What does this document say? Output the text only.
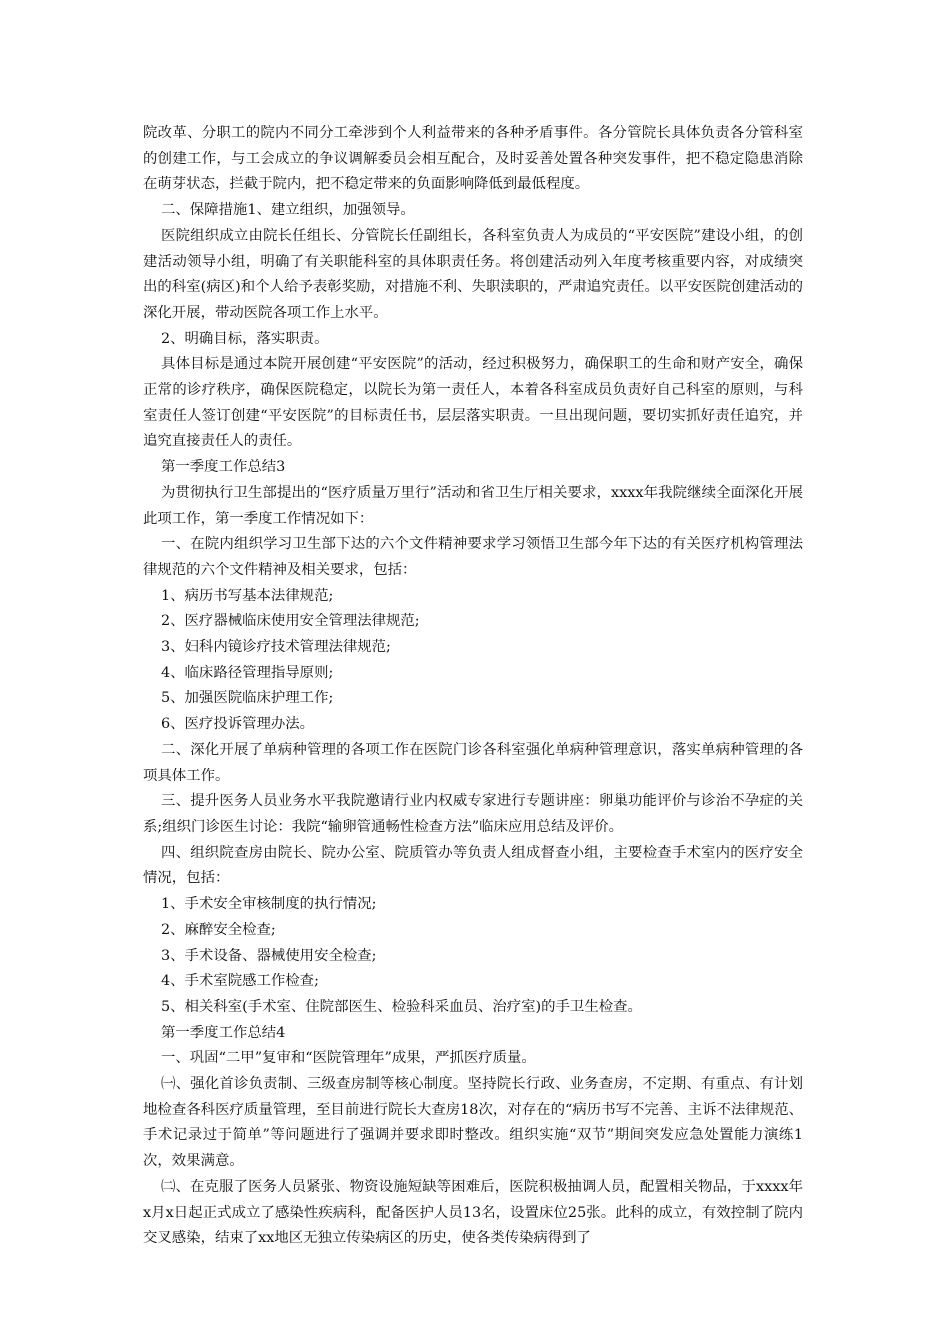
院改革、分职工的院内不同分工牵涉到个人利益带来的各种矛盾事件。各分管院长具体负责各分管科室的创建工作，与工会成立的争议调解委员会相互配合，及时妥善处置各种突发事件，把不稳定隐患消除在萌芽状态，拦截于院内，把不稳定带来的负面影响降低到最低程度。

二、保障措施1、建立组织，加强领导。

医院组织成立由院长任组长、分管院长任副组长，各科室负责人为成员的“平安医院”建设小组，的创建活动领导小组，明确了有关职能科室的具体职责任务。将创建活动列入年度考核重要内容，对成绩突出的科室(病区)和个人给予表彰奖励，对措施不利、失职渎职的，严肃追究责任。以平安医院创建活动的深化开展，带动医院各项工作上水平。

2、明确目标，落实职责。

具体目标是通过本院开展创建“平安医院”的活动，经过积极努力，确保职工的生命和财产安全，确保正常的诊疗秩序，确保医院稳定，以院长为第一责任人，本着各科室成员负责好自己科室的原则，与科室责任人签订创建“平安医院”的目标责任书，层层落实职责。一旦出现问题，要切实抓好责任追究，并追究直接责任人的责任。

第一季度工作总结3

为贯彻执行卫生部提出的“医疗质量万里行”活动和省卫生厅相关要求，xxxx年我院继续全面深化开展此项工作，第一季度工作情况如下：

一、在院内组织学习卫生部下达的六个文件精神要求学习领悟卫生部今年下达的有关医疗机构管理法律规范的六个文件精神及相关要求，包括：

1、病历书写基本法律规范;

2、医疗器械临床使用安全管理法律规范;

3、妇科内镜诊疗技术管理法律规范;

4、临床路径管理指导原则;

5、加强医院临床护理工作;

6、医疗投诉管理办法。

二、深化开展了单病种管理的各项工作在医院门诊各科室强化单病种管理意识，落实单病种管理的各项具体工作。

三、提升医务人员业务水平我院邀请行业内权威专家进行专题讲座：卵巢功能评价与诊治不孕症的关系;组织门诊医生讨论：我院“输卵管通畅性检查方法”临床应用总结及评价。

四、组织院查房由院长、院办公室、院质管办等负责人组成督查小组，主要检查手术室内的医疗安全情况，包括：

1、手术安全审核制度的执行情况;

2、麻醉安全检查;

3、手术设备、器械使用安全检查;

4、手术室院感工作检查;

5、相关科室(手术室、住院部医生、检验科采血员、治疗室)的手卫生检查。

第一季度工作总结4

一、巩固“二甲”复审和“医院管理年”成果，严抓医疗质量。

㈠、强化首诊负责制、三级查房制等核心制度。坚持院长行政、业务查房，不定期、有重点、有计划地检查各科医疗质量管理，至目前进行院长大查房18次，对存在的“病历书写不完善、主诉不法律规范、手术记录过于简单”等问题进行了强调并要求即时整改。组织实施“双节”期间突发应急处置能力演练1次，效果满意。

㈡、在克服了医务人员紧张、物资设施短缺等困难后，医院积极抽调人员，配置相关物品，于xxxx年x月x日起正式成立了感染性疾病科，配备医护人员13名，设置床位25张。此科的成立，有效控制了院内交叉感染，结束了xx地区无独立传染病区的历史，使各类传染病得到了
